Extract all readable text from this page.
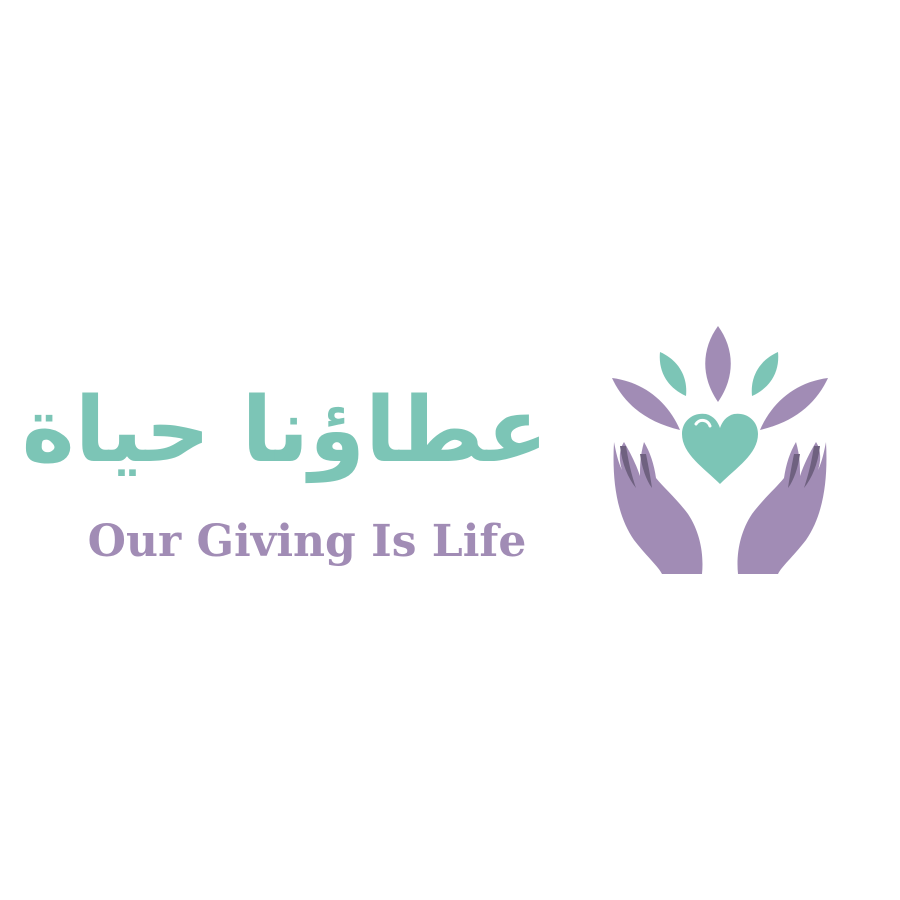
عطاؤنا حياة
Our Giving Is Life
